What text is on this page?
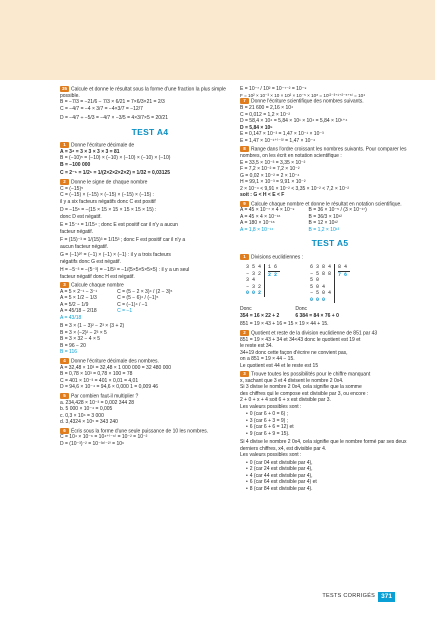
35 Calcule et donne le résultat sous la forme d'une fraction la plus simple possible.
B = −7/3 = −21/6 − 7/3 × 6/21 = 7×6/3×21 = 2/3
C = −4/7 = −4 × 3/7 = −4×3/7 = −12/7
D = −4/7 ÷ −5/3 = −4/7 × −3/5 = 4×3/7×5 = 20/21
TEST A4
1 Donne l'écriture décimale de
A = 3⁴ = 3 × 3 × 3 × 3 = 81
B = (−10)⁵ = (−10) × (−10) × (−10) × (−10) × (−10)
B = −100 000
C = 2⁻⁵ = 1/2⁵ = 1/(2×2×2×2×2) = 1/32 = 0,03125
2 Donne le signe de chaque nombre
C = (−15)⁵
C = (−15) × (−15) × (−15) × (−15) × (−15) :
il y a six facteurs négatifs donc C est positif
D = −15⁶ = −(15 × 15 × 15 × 15 × 15 × 15) :
donc D est négatif.
E = 15⁻⁴ = 1/15⁴ ; donc E est positif car il n'y a aucun
facteur négatif.
F = (15)⁻³ = 1/(15)³ = 1/15³ ; donc F est positif car il n'y a
aucun facteur négatif.
G = (−1)²⁰ = (−1) × (−1) × (−1) : il y a trois facteurs
négatifs donc G est négatif.
H = −5⁻³ = −(5⁻³) = −1/5³ = −1/(5×5×5×5×5) : il y a un seul
facteur négatif donc H est négatif.
3 Calcule chaque nombre
A = 5 × 2⁻¹ − 3⁻¹
A = 5 × 1/2 − 1/3
A = 5/2 − 1/9
A = 45/18 − 2/18
A = 43/18
C = (5 − 2 × 3)⁴ / (2 − 3)⁵
C = (5 − 6)⁴ / (−1)⁵
C = (−1)⁴ / −1
C = −1
B = 3 × (1 − 3)² − 2³ × (3 + 2)
B = 3 × (−2)² − 2³ × 5
B = 3 × 32 − 4 × 5
B = 96 − 20
B = 116
4 Donne l'écriture décimale des nombres.
A = 32,48 × 10³ = 32,48 × 1 000 000 = 32 480 000
B = 0,78 × 10³ = 0,78 × 100 = 78
C = 401 × 10⁻³ = 401 × 0,01 = 4,01
D = 94,6 × 10⁻⁴ = 94,6 × 0,000 1 = 0,009 46
5 Par combien faut-il multiplier ?
a. 234,428 × 10⁻³ = 0,002 344 28
b. 5 000 × 10⁻⁴ = 0,005
c. 0,3 × 10⁴ = 3 000
d. 3,4324 × 10⁵ = 343 240
6 Écris sous la forme d'une seule puissance de 10 les nombres.
C = 10⁴ × 10⁻⁶ = 10⁴⁺⁽⁻⁶⁾ = 10⁻² = 10⁻²
D = (10⁻³)⁻² = 10⁻³ˣ⁽⁻²⁾ = 10⁶
E = 10⁻⁷ / 10² = 10⁻⁷⁻² = 10⁻⁹
F = 10² × 10⁻³ × 10 × 10² × 10⁻⁵ × 10⁸ = 10⁽²⁻³⁺¹⁺²⁻⁵⁺⁸⁾ = 10⁴
7 Donne l'écriture scientifique des nombres suivants.
B = 21 600 = 2,16 × 10⁴
C = 0,012 = 1,2 × 10⁻²
D = 58,4 × 10⁴ = 5,84 × 10¹ × 10⁴ = 5,84 × 10¹⁺⁴
D = 5,84 × 10⁵
E = 0,147 × 10⁻³ = 1,47 × 10⁻¹ × 10⁻³
E = 1,47 × 10⁻¹⁺⁽⁻³⁾ = 1,47 × 10⁻⁴
8 Range dans l'ordre croissant les nombres suivants. Pour comparer les nombres, on les écrit en notation scientifique :
E = 33,5 × 10⁻³ = 3,35 × 10⁻²
F = 7,2 × 10⁻² = 7,2 × 10⁻²
G = 0,02 × 10⁻² = 2 × 10⁻⁴
H = 99,1 × 10⁻³ = 9,91 × 10⁻²
2 × 10⁻⁴ < 9,91 × 10⁻² < 3,35 × 10⁻² < 7,2 × 10⁻²
soit : G < H < E < F
9 Calcule chaque nombre et donne le résultat en notation scientifique.
A = 45 × 10⁻⁷ × 4 × 10⁻⁹
A = 45 × 4 × 10⁻¹⁶
A = 180 × 10⁻¹⁶
A = 1,8 × 10⁻¹⁴
B = 36 × 10⁻⁵ / (3 × 10⁻¹⁷)
B = 36/3 × 10¹²
B = 12 × 10¹²
B = 1,2 × 10¹³
TEST A5
1 Divisions euclidiennes :
3 5 4
− 3 2
3 4
− 3 2
0 0 2
$\frac{1 6}{2 2}$	6 3 8 4
− 5 8 8
5 0
5 0 4
− 5 0 4
0 0 0
$\frac{8 4}{7 6}$
Donc
354 = 16 × 22 + 2
Donc
6 384 = 84 × 76 + 0
851 = 19 × 43 + 16 = 15 × 19 × 44 + 15.
2 Quotient et reste de la division euclidienne de 851 par 43
851 = 19 × 43 + 34 et 34<43 donc le quotient est 19 et
le reste est 34.
34+19 donc cette façon d'écrire ne convient pas,
on a 851 = 19 × 44 − 15.
Le quotient est 44 et le reste est 15
3 Trouve toutes les possibilités pour le chiffre manquant
x, sachant que 3 et 4 divisent le nombre 2 0x4.
Si 3 divise le nombre 2 0x4, cela signifie que la somme
des chiffres qui le compose est divisible par 3, ou encore :
2 + 0 + x + 4 soit 6 + x est divisible par 3.
Les valeurs possibles sont :
• 0 (car 6 + 0 = 6) ;
• 3 (car 6 + 3 = 9) ;
• 6 (car 6 + 6 = 12) et
• 9 (car 6 + 9 = 15).
Si 4 divise le nombre 2 0x4, cela signifie que le nombre formé par ses deux derniers chiffres, x4, est divisible par 4.
Les valeurs possibles sont :
• 0 (car 04 est divisible par 4),
• 2 (car 24 est divisible par 4),
• 4 (car 44 est divisible par 4),
• 6 (car 64 est divisible par 4) et
• 8 (car 84 est divisible par 4).
TESTS CORRIGÉS 371
